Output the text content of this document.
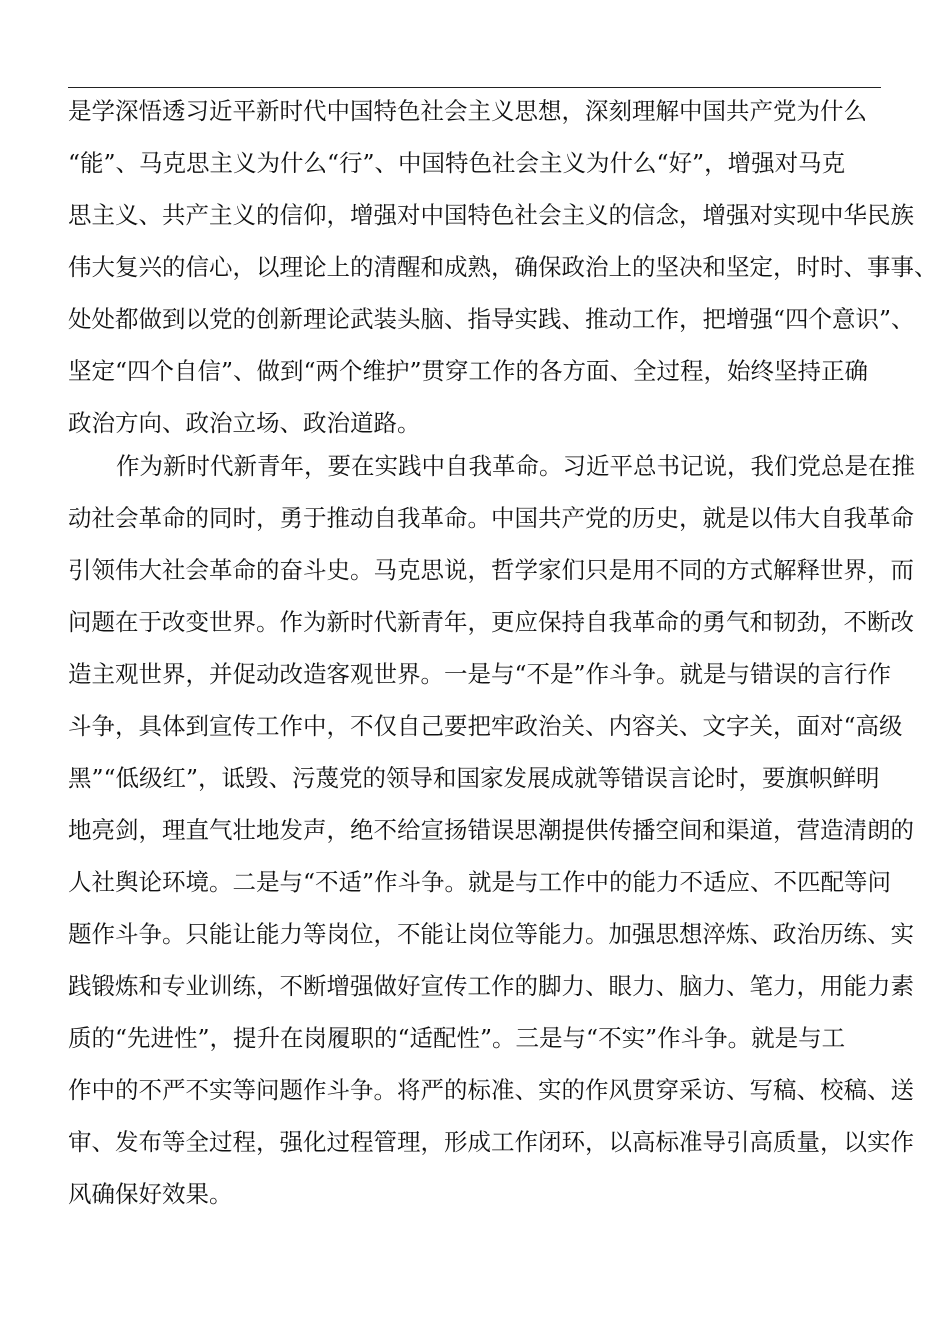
是学深悟透习近平新时代中国特色社会主义思想，深刻理解中国共产党为什么
“能”、马克思主义为什么“行”、中国特色社会主义为什么“好”，增强对马克
思主义、共产主义的信仰，增强对中国特色社会主义的信念，增强对实现中华民族
伟大复兴的信心，以理论上的清醒和成熟，确保政治上的坚决和坚定，时时、事事、
处处都做到以党的创新理论武装头脑、指导实践、推动工作，把增强“四个意识”、
坚定“四个自信”、做到“两个维护”贯穿工作的各方面、全过程，始终坚持正确
政治方向、政治立场、政治道路。
作为新时代新青年，要在实践中自我革命。习近平总书记说，我们党总是在推
动社会革命的同时，勇于推动自我革命。中国共产党的历史，就是以伟大自我革命
引领伟大社会革命的奋斗史。马克思说，哲学家们只是用不同的方式解释世界，而
问题在于改变世界。作为新时代新青年，更应保持自我革命的勇气和韧劲，不断改
造主观世界，并促动改造客观世界。一是与“不是”作斗争。就是与错误的言行作
斗争，具体到宣传工作中，不仅自己要把牢政治关、内容关、文字关，面对“高级
黑”“低级红”，诋毁、污蔑党的领导和国家发展成就等错误言论时，要旗帜鲜明
地亮剑，理直气壮地发声，绝不给宣扬错误思潮提供传播空间和渠道，营造清朗的
人社舆论环境。二是与“不适”作斗争。就是与工作中的能力不适应、不匹配等问
题作斗争。只能让能力等岗位，不能让岗位等能力。加强思想淬炼、政治历练、实
践锻炼和专业训练，不断增强做好宣传工作的脚力、眼力、脑力、笔力，用能力素
质的“先进性”，提升在岗履职的“适配性”。三是与“不实”作斗争。就是与工
作中的不严不实等问题作斗争。将严的标准、实的作风贯穿采访、写稿、校稿、送
审、发布等全过程，强化过程管理，形成工作闭环，以高标准导引高质量，以实作
风确保好效果。
